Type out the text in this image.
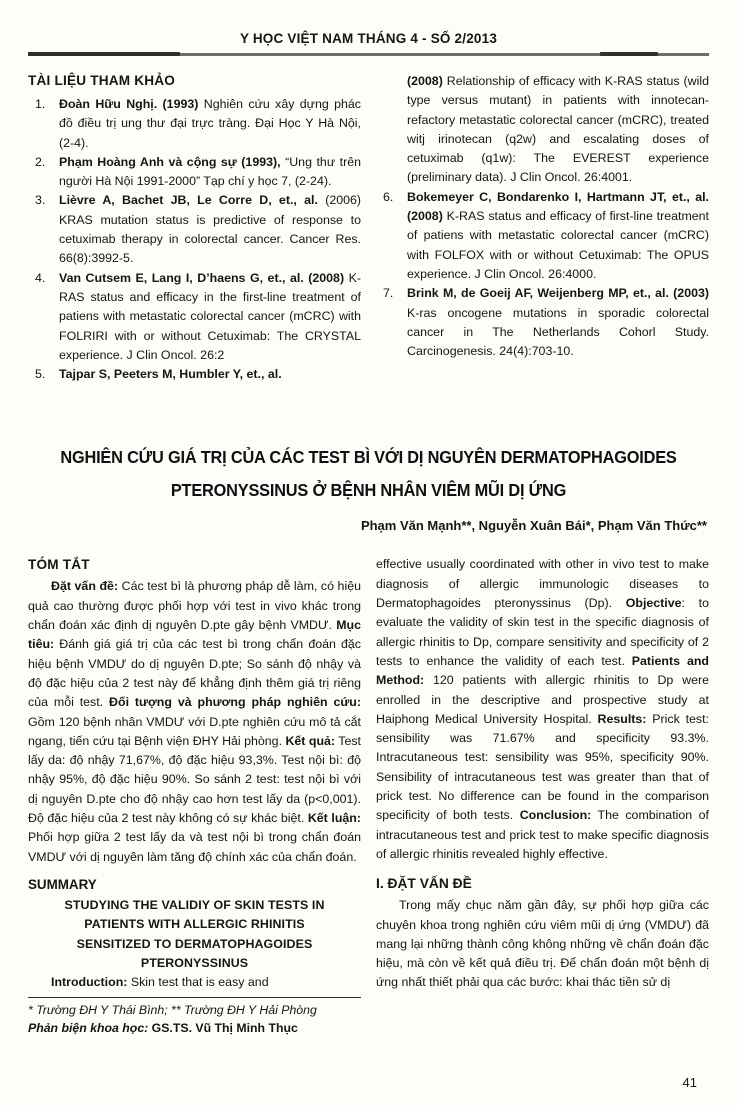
Y HỌC VIỆT NAM THÁNG 4 - SỐ 2/2013
TÀI LIỆU THAM KHẢO
1.	Đoàn Hữu Nghị. (1993) Nghiên cứu xây dựng phác đồ điều trị ung thư đại trực tràng. Đại Học Y Hà Nội, (2-4).
2.	Phạm Hoàng Anh và cộng sự (1993), “Ung thư trên người Hà Nội 1991-2000” Tạp chí y học 7, (2-24).
3.	Lièvre A, Bachet JB, Le Corre D, et., al. (2006) KRAS mutation status is predictive of response to cetuximab therapy in colorectal cancer. Cancer Res. 66(8):3992-5.
4.	Van Cutsem E, Lang I, D’haens G, et., al. (2008) K-RAS status and efficacy in the first-line treatment of patiens with metastatic colorectal cancer (mCRC) with FOLRIRI with or without Cetuximab: The CRYSTAL experience. J Clin Oncol. 26:2
5.	Tajpar S, Peeters M, Humbler Y, et., al.

(2008) Relationship of efficacy with K-RAS status (wild type versus mutant) in patients with innotecan-refactory metastatic colorectal cancer (mCRC), treated witj irinotecan (q2w) and escalating doses of cetuximab (q1w): The EVEREST experience (preliminary data). J Clin Oncol. 26:4001.

6.	Bokemeyer C, Bondarenko I, Hartmann JT, et., al. (2008) K-RAS status and efficacy of first-line treatment of patiens with metastatic colorectal cancer (mCRC) with FOLFOX with or without Cetuximab: The OPUS experience. J Clin Oncol. 26:4000.
7.	Brink M, de Goeij AF, Weijenberg MP, et., al. (2003) K-ras oncogene mutations in sporadic colorectal cancer in The Netherlands Cohorl Study. Carcinogenesis. 24(4):703-10.
NGHIÊN CỨU GIÁ TRỊ CỦA CÁC TEST BÌ VỚI DỊ NGUYÊN DERMATOPHAGOIDES
PTERONYSSINUS Ở BỆNH NHÂN VIÊM MŨI DỊ ỨNG
Phạm Văn Mạnh**, Nguyễn Xuân Bái*, Phạm Văn Thức**
TÓM TẮT

Đặt vấn đề: Các test bì là phương pháp dễ làm, có hiệu quả cao thường được phối hợp với test in vivo khác trong chẩn đoán xác định dị nguyên D.pte gây bệnh VMDƯ. Mục tiêu: Đánh giá giá trị của các test bì trong chẩn đoán đặc hiệu bệnh VMDƯ do dị nguyên D.pte; So sánh độ nhậy và độ đặc hiệu của 2 test này để khẳng định thêm giá trị riêng của mỗi test. Đối tượng và phương pháp nghiên cứu: Gồm 120 bệnh nhân VMDƯ với D.pte nghiên cứu mô tả cắt ngang, tiến cứu tại Bệnh viện ĐHY Hải phòng. Kết quả: Test lấy da: độ nhậy 71,67%, độ đặc hiệu 93,3%. Test nội bì: độ nhậy 95%, độ đặc hiệu 90%. So sánh 2 test: test nội bì với dị nguyên D.pte cho độ nhậy cao hơn test lấy da (p<0,001). Độ đặc hiệu của 2 test này không có sự khác biệt. Kết luận: Phối hợp giữa 2 test lấy da và test nội bì trong chẩn đoán VMDƯ với dị nguyên làm tăng độ chính xác của chẩn đoán.

SUMMARY
STUDYING THE VALIDIY OF SKIN TESTS IN
PATIENTS WITH ALLERGIC RHINITIS
SENSITIZED TO DERMATOPHAGOIDES
PTERONYSSINUS

Introduction: Skin test that is easy and

* Trường ĐH Y Thái Bình; ** Trường ĐH Y Hải Phòng
Phản biện khoa học: GS.TS. Vũ Thị Minh Thục

effective usually coordinated with other in vivo test to make diagnosis of allergic immunologic diseases to Dermatophagoides pteronyssinus (Dp). Objective: to evaluate the validity of skin test in the specific diagnosis of allergic rhinitis to Dp, compare sensitivity and specificity of 2 tests to enhance the validity of each test. Patients and Method: 120 patients with allergic rhinitis to Dp were enrolled in the descriptive and prospective study at Haiphong Medical University Hospital. Results: Prick test: sensibility was 71.67% and specificity 93.3%. Intracutaneous test: sensibility was 95%, specificity 90%. Sensibility of intracutaneous test was greater than that of prick test. No difference can be found in the comparison specificity of both tests. Conclusion: The combination of intracutaneous test and prick test to make specific diagnosis of allergic rhinitis revealed highly effective.

I. ĐẶT VẤN ĐỀ

Trong mấy chục năm gần đây, sự phối hợp giữa các chuyên khoa trong nghiên cứu viêm mũi dị ứng (VMDƯ) đã mang lại những thành công không những về chẩn đoán đặc hiệu, mà còn về kết quả điều trị. Để chẩn đoán một bệnh dị ứng nhất thiết phải qua các bước: khai thác tiền sử dị

41
